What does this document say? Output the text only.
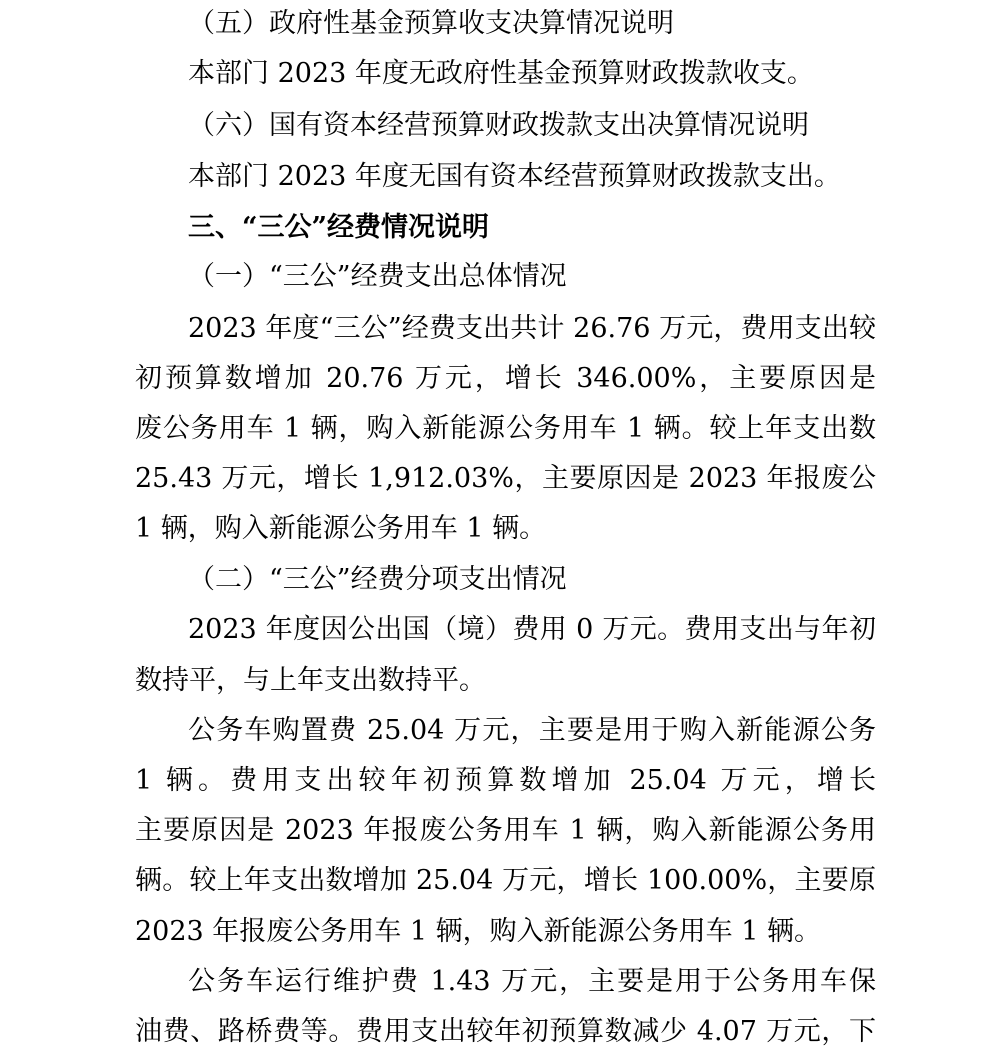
（五）政府性基金预算收支决算情况说明
本部门 2023 年度无政府性基金预算财政拨款收支。
（六）国有资本经营预算财政拨款支出决算情况说明
本部门 2023 年度无国有资本经营预算财政拨款支出。
三、“三公”经费情况说明
（一）“三公”经费支出总体情况
2023 年度“三公”经费支出共计 26.76 万元，费用支出较
初预算数增加 20.76 万元，增长 346.00%，主要原因是
废公务用车 1 辆，购入新能源公务用车 1 辆。较上年支出数
25.43 万元，增长 1,912.03%，主要原因是 2023 年报废公
1 辆，购入新能源公务用车 1 辆。
（二）“三公”经费分项支出情况
2023 年度因公出国（境）费用 0 万元。费用支出与年初
数持平，与上年支出数持平。
公务车购置费 25.04 万元，主要是用于购入新能源公务
1 辆。费用支出较年初预算数增加 25.04 万元，增长
主要原因是 2023 年报废公务用车 1 辆，购入新能源公务用
辆。较上年支出数增加 25.04 万元，增长 100.00%，主要原
2023 年报废公务用车 1 辆，购入新能源公务用车 1 辆。
公务车运行维护费 1.43 万元，主要是用于公务用车保
油费、路桥费等。费用支出较年初预算数减少 4.07 万元，下
